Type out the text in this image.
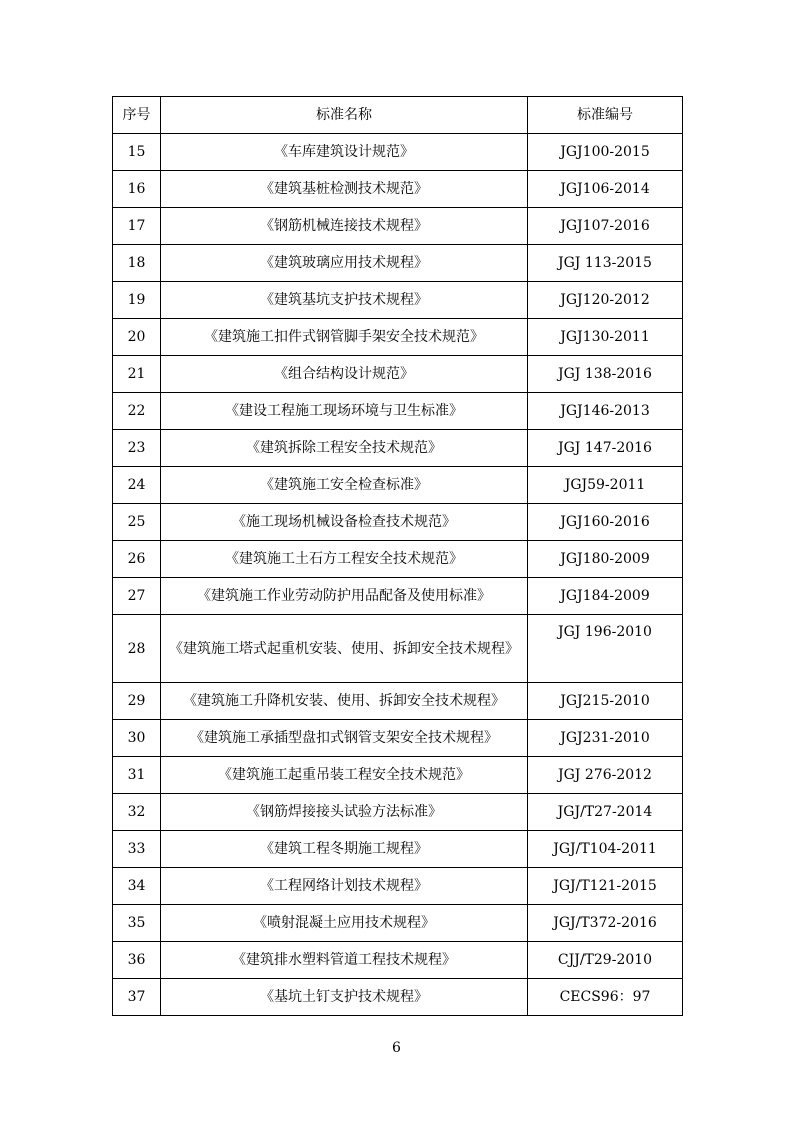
序号	标准名称	标准编号
15	《车库建筑设计规范》	JGJ100-2015
16	《建筑基桩检测技术规范》	JGJ106-2014
17	《钢筋机械连接技术规程》	JGJ107-2016
18	《建筑玻璃应用技术规程》	JGJ 113-2015
19	《建筑基坑支护技术规程》	JGJ120-2012
20	《建筑施工扣件式钢管脚手架安全技术规范》	JGJ130-2011
21	《组合结构设计规范》	JGJ 138-2016
22	《建设工程施工现场环境与卫生标准》	JGJ146-2013
23	《建筑拆除工程安全技术规范》	JGJ 147-2016
24	《建筑施工安全检查标准》	JGJ59-2011
25	《施工现场机械设备检查技术规范》	JGJ160-2016
26	《建筑施工土石方工程安全技术规范》	JGJ180-2009
27	《建筑施工作业劳动防护用品配备及使用标准》	JGJ184-2009
28	《建筑施工塔式起重机安装、使用、拆卸安全技术规程》	JGJ 196-2010
29	《建筑施工升降机安装、使用、拆卸安全技术规程》	JGJ215-2010
30	《建筑施工承插型盘扣式钢管支架安全技术规程》	JGJ231-2010
31	《建筑施工起重吊装工程安全技术规范》	JGJ 276-2012
32	《钢筋焊接接头试验方法标准》	JGJ/T27-2014
33	《建筑工程冬期施工规程》	JGJ/T104-2011
34	《工程网络计划技术规程》	JGJ/T121-2015
35	《喷射混凝土应用技术规程》	JGJ/T372-2016
36	《建筑排水塑料管道工程技术规程》	CJJ/T29-2010
37	《基坑土钉支护技术规程》	CECS96：97
6
